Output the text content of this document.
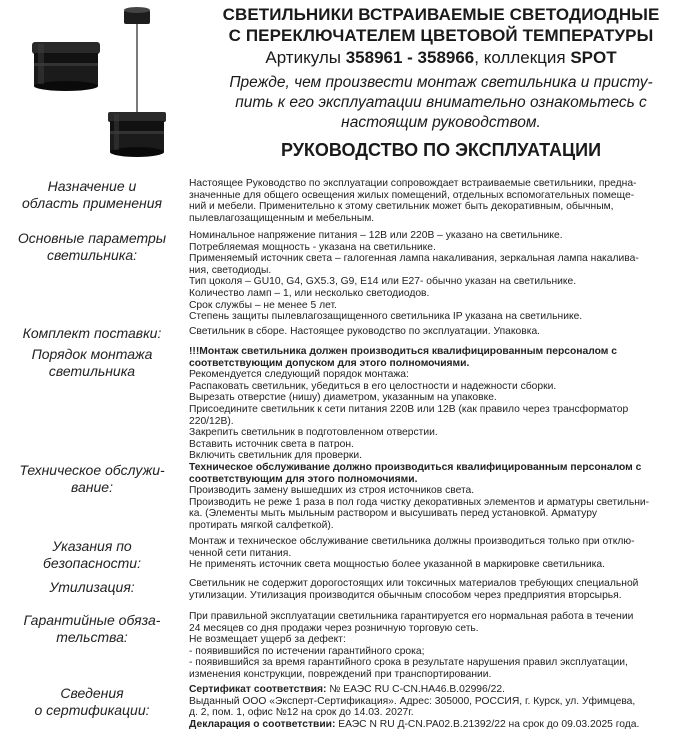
СВЕТИЛЬНИКИ ВСТРАИВАЕМЫЕ СВЕТОДИОДНЫЕ
С ПЕРЕКЛЮЧАТЕЛЕМ ЦВЕТОВОЙ ТЕМПЕРАТУРЫ
Артикулы 358961 - 358966, коллекция SPOT
Прежде, чем произвести монтаж светильника и присту-
пить к его эксплуатации внимательно ознакомьтесь с
настоящим руководством.
РУКОВОДСТВО ПО ЭКСПЛУАТАЦИИ
Назначение и
область применения
Настоящее Руководство по эксплуатации сопровождает встраиваемые светильники, предна-
значенные для общего освещения жилых помещений, отдельных вспомогательных помеще-
ний и мебели. Применительно к этому светильник может быть декоративным, обычным,
пылевлагозащищенным и мебельным.
Основные параметры
светильника:
Номинальное напряжение питания – 12В или 220В – указано на светильнике.
Потребляемая мощность - указана на светильнике.
Применяемый источник света – галогенная лампа накаливания, зеркальная лампа накалива-
ния, светодиоды.
Тип цоколя – GU10, G4, GX5.3, G9, E14 или E27- обычно указан на светильнике.
Количество ламп – 1, или несколько светодиодов.
Срок службы – не менее 5 лет.
Степень защиты пылевлагозащищенного светильника IP указана на светильнике.
Комплект поставки:	Светильник в сборе. Настоящее руководство по эксплуатации. Упаковка.
Порядок монтажа
светильника
!!!Монтаж светильника должен производиться квалифицированным персоналом с
соответствующим допуском для этого полномочиями.
Рекомендуется следующий порядок монтажа:
Распаковать светильник, убедиться в его целостности и надежности сборки.
Вырезать отверстие (нишу) диаметром, указанным на упаковке.
Присоедините светильник к сети питания 220В или 12В (как правило через трансформатор
220/12В).
Закрепить светильник в подготовленном отверстии.
Вставить источник света в патрон.
Включить светильник для проверки.
Техническое обслужи-
вание:
Техническое обслуживание должно производиться квалифицированным персоналом с
соответствующим для этого полномочиями.
Производить замену вышедших из строя источников света.
Производить не реже 1 раза в пол года чистку декоративных элементов и арматуры светильни-
ка. (Элементы мыть мыльным раствором и высушивать перед установкой. Арматуру
протирать мягкой салфеткой).
Указания по
безопасности:
Монтаж и техническое обслуживание светильника должны производиться только при отклю-
ченной сети питания.
Не применять источник света мощностью более указанной в маркировке светильника.
Утилизация:	Светильник не содержит дорогостоящих или токсичных материалов требующих специальной
утилизации. Утилизация производится обычным способом через предприятия вторсырья.
Гарантийные обяза-
тельства:
При правильной эксплуатации светильника гарантируется его нормальная работа в течении
24 месяцев со дня продажи через розничную торговую сеть.
Не возмещает ущерб за дефект:
- появившийся по истечении гарантийного срока;
- появившийся за время гарантийного срока в результате нарушения правил эксплуатации,
изменения конструкции, повреждений при транспортировании.
Сведения
о сертификации:
Сертификат соответствия: № ЕАЭС RU C-CN.НА46.В.02996/22.
Выданный ООО «Эксперт-Сертификация». Адрес: 305000, РОССИЯ, г. Курск, ул. Уфимцева,
д. 2, пом. 1, офис №12 на срок до 14.03. 2027г.
Декларация о соответствии: ЕАЭС N RU Д-CN.РА02.В.21392/22 на срок до 09.03.2025 года.
